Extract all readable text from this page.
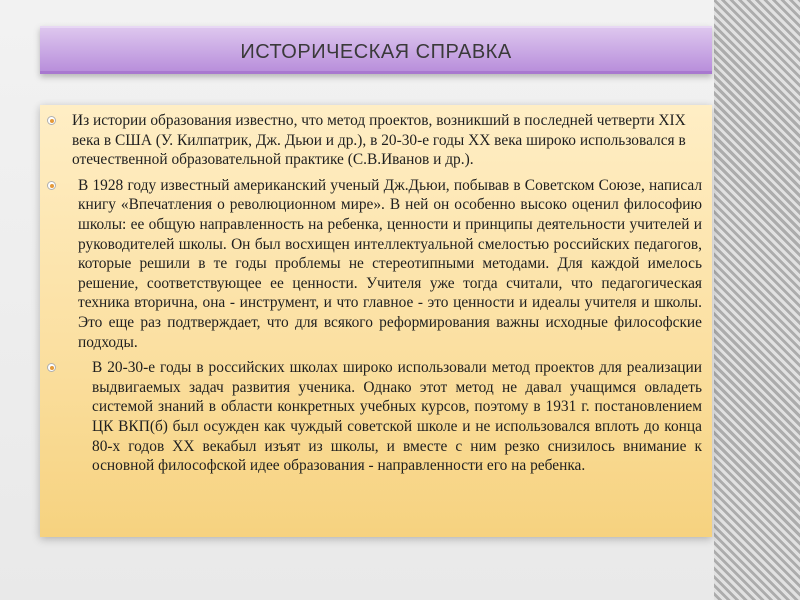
ИСТОРИЧЕСКАЯ СПРАВКА
Из истории образования известно, что метод проектов, возникший в последней четверти XIX века в США (У. Килпатрик, Дж. Дьюи и др.), в 20-30-е годы XX века широко использовался в отечественной образовательной практике (С.В.Иванов и др.).
В 1928 году известный американский ученый Дж.Дьюи, побывав в Советском Союзе, написал книгу «Впечатления о революционном мире». В ней он особенно высоко оценил философию школы: ее общую направленность на ребенка, ценности и принципы деятельности учителей и руководителей школы. Он был восхищен интеллектуальной смелостью российских педагогов, которые решили в те годы проблемы не стереотипными методами. Для каждой имелось решение, соответствующее ее ценности. Учителя уже тогда считали, что педагогическая техника вторична, она - инструмент, и что главное - это ценности и идеалы учителя и школы. Это еще раз подтверждает, что для всякого реформирования важны исходные философские подходы.
В 20-30-е годы в российских школах широко использовали метод проектов для реализации выдвигаемых задач развития ученика. Однако этот метод не давал учащимся овладеть системой знаний в области конкретных учебных курсов, поэтому в 1931 г. постановлением ЦК ВКП(б) был осужден как чуждый советской школе и не использовался вплоть до конца 80-х годов XX векабыл изъят из школы, и вместе с ним резко снизилось внимание к основной философской идее образования - направленности его на ребенка.
